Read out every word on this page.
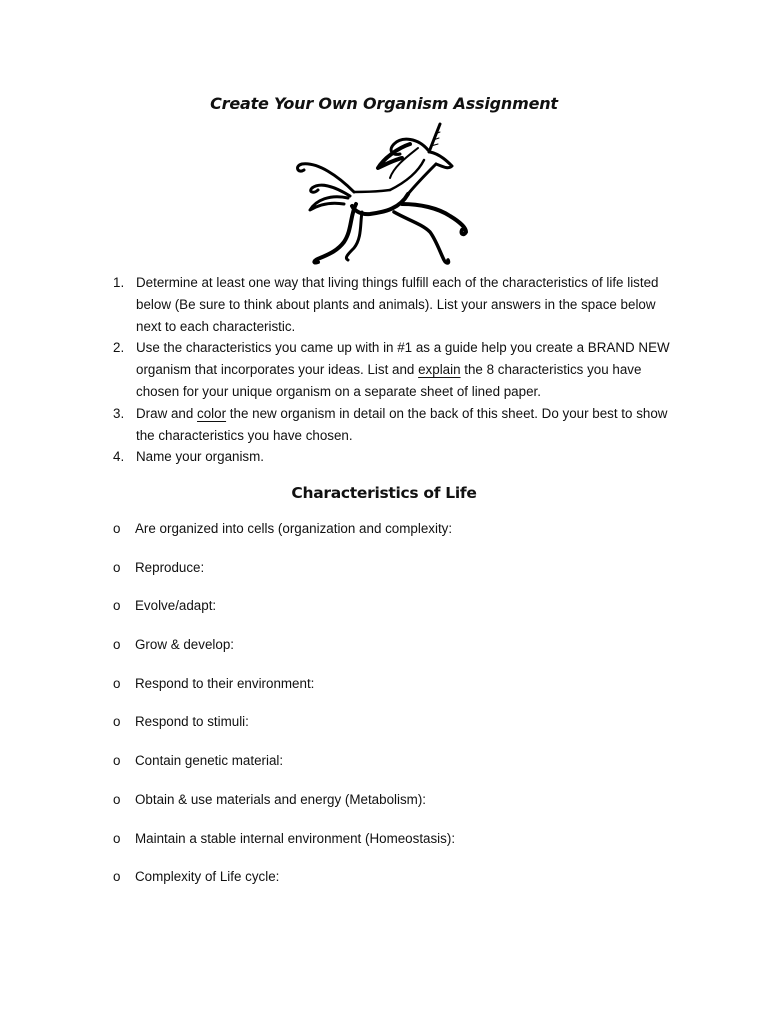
Create Your Own Organism Assignment
1. Determine at least one way that living things fulfill each of the characteristics of life listed below (Be sure to think about plants and animals). List your answers in the space below next to each characteristic.
2. Use the characteristics you came up with in #1 as a guide help you create a BRAND NEW organism that incorporates your ideas. List and explain the 8 characteristics you have chosen for your unique organism on a separate sheet of lined paper.
3. Draw and color the new organism in detail on the back of this sheet. Do your best to show the characteristics you have chosen.
4. Name your organism.
Characteristics of Life
o Are organized into cells (organization and complexity:
o Reproduce:
o Evolve/adapt:
o Grow & develop:
o Respond to their environment:
o Respond to stimuli:
o Contain genetic material:
o Obtain & use materials and energy (Metabolism):
o Maintain a stable internal environment (Homeostasis):
o Complexity of Life cycle:
